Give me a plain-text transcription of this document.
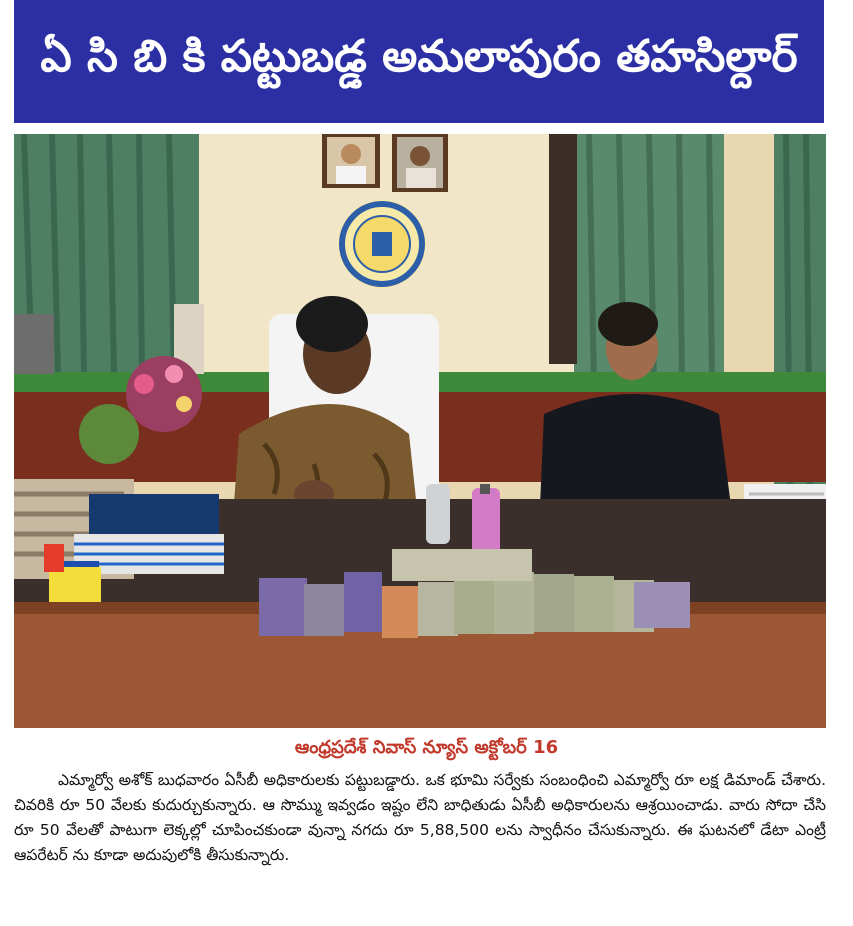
ఏ సి బి కి పట్టుబడ్డ అమలాపురం తహసిల్దార్
ఆంధ్రప్రదేశ్ నివాస్ న్యూస్ అక్టోబర్ 16

ఎమ్మార్వో అశోక్ బుధవారం ఏసీబీ అధికారులకు పట్టుబడ్డారు. ఒక భూమి సర్వేకు సంబంధించి ఎమ్మార్వో రూ లక్ష డిమాండ్ చేశారు. చివరికి రూ 50 వేలకు కుదుర్చుకున్నారు. ఆ సొమ్ము ఇవ్వడం ఇష్టం లేని బాధితుడు ఏసీబీ అధికారులను ఆశ్రయించాడు. వారు సోదా చేసి రూ 50 వేలతో పాటుగా లెక్కల్లో చూపించకుండా వున్నా నగదు రూ 5,88,500 లను స్వాధీనం చేసుకున్నారు. ఈ ఘటనలో డేటా ఎంట్రీ ఆపరేటర్ ను కూడా అదుపులోకి తీసుకున్నారు.
